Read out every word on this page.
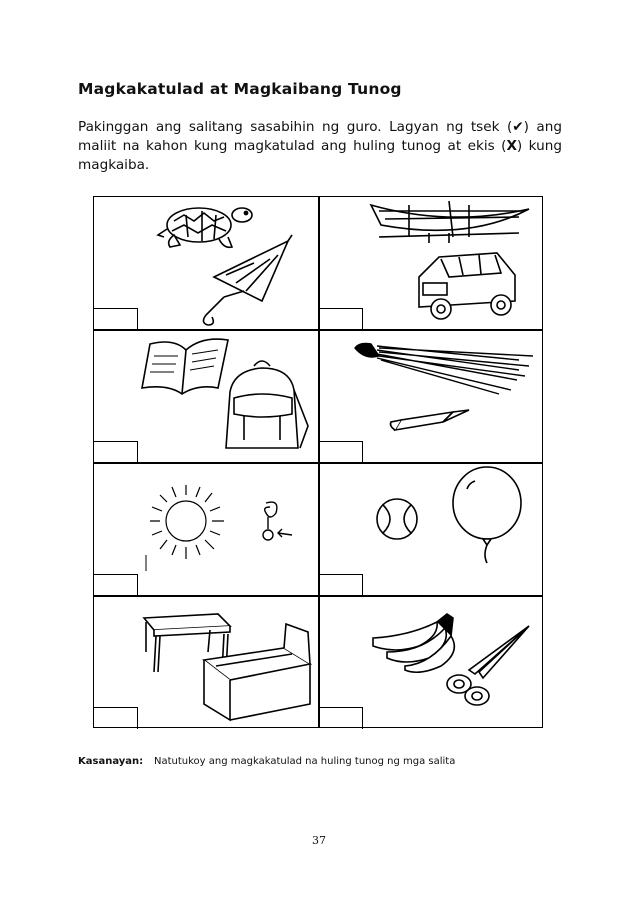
Magkakatulad at Magkaibang Tunog
Pakinggan ang salitang sasabihin ng guro. Lagyan ng tsek (✔) ang maliit na kahon kung magkatulad ang huling tunog at ekis (X) kung magkaiba.
Kasanayan: Natutukoy ang magkakatulad na huling tunog ng mga salita
37
